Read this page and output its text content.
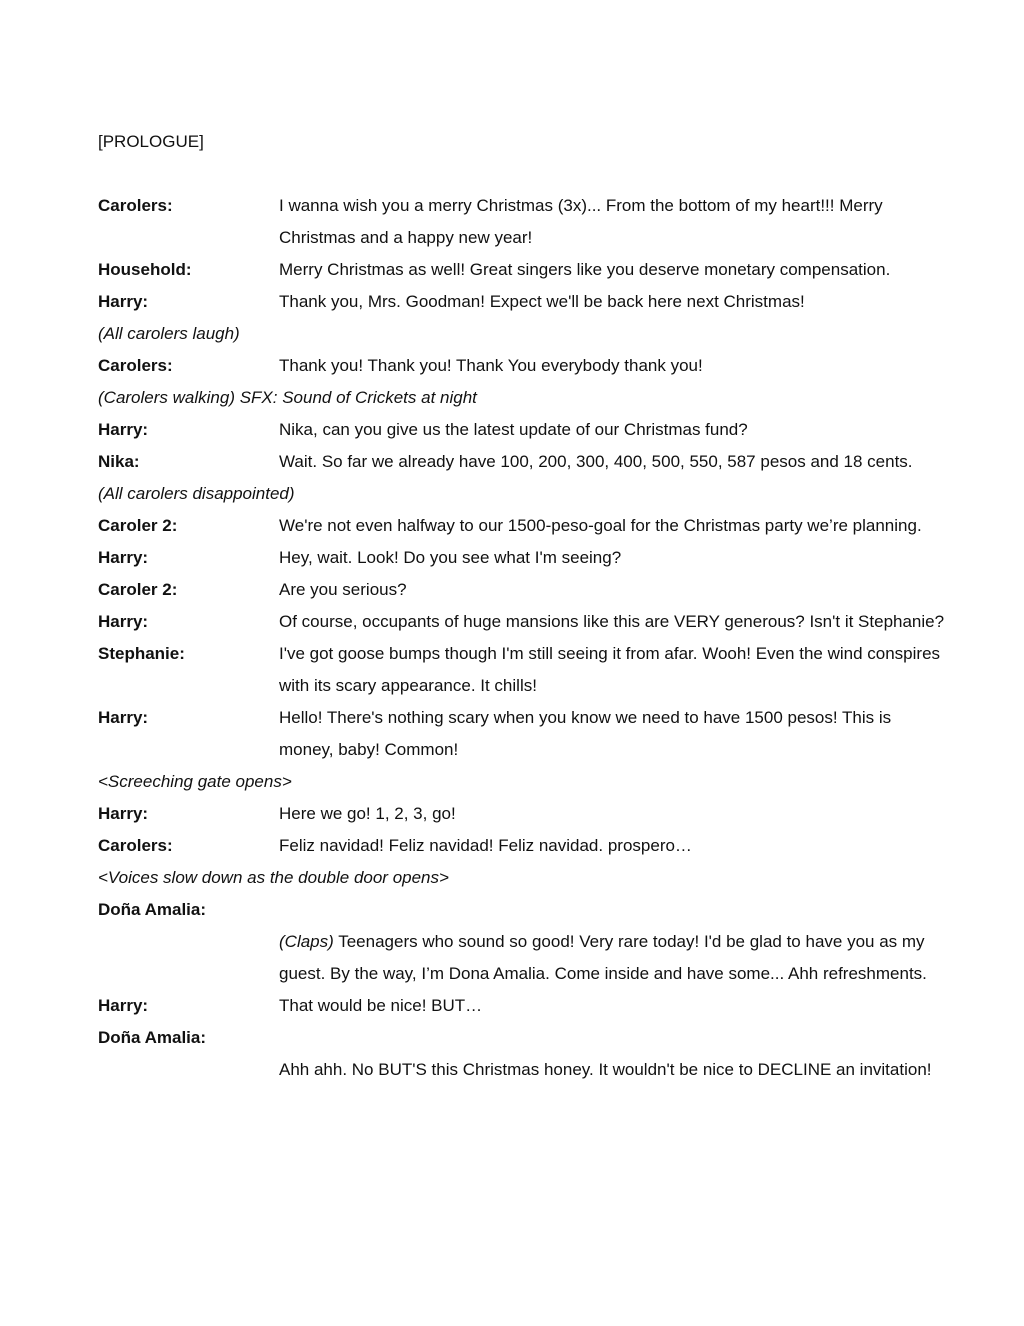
[PROLOGUE]
Carolers:	I wanna wish you a merry Christmas (3x)... From the bottom of my heart!!! Merry Christmas and a happy new year!
Household:	Merry Christmas as well! Great singers like you deserve monetary compensation.
Harry:	Thank you, Mrs. Goodman! Expect we'll be back here next Christmas!
(All carolers laugh)
Carolers:	Thank you! Thank you! Thank You everybody thank you!
(Carolers walking) SFX: Sound of Crickets at night
Harry:	Nika, can you give us the latest update of our Christmas fund?
Nika:	Wait. So far we already have 100, 200, 300, 400, 500, 550, 587 pesos and 18 cents.
(All carolers disappointed)
Caroler 2:	We're not even halfway to our 1500-peso-goal for the Christmas party we’re planning.
Harry:	Hey, wait. Look! Do you see what I'm seeing?
Caroler 2:	Are you serious?
Harry:	Of course, occupants of huge mansions like this are VERY generous? Isn't it Stephanie?
Stephanie:	I've got goose bumps though I'm still seeing it from afar. Wooh! Even the wind conspires with its scary appearance. It chills!
Harry:	Hello! There's nothing scary when you know we need to have 1500 pesos! This is money, baby! Common!
<Screeching gate opens>
Harry:	Here we go! 1, 2, 3, go!
Carolers:	Feliz navidad! Feliz navidad! Feliz navidad. prospero…
<Voices slow down as the double door opens>
Doña Amalia:
(Claps) Teenagers who sound so good! Very rare today! I'd be glad to have you as my guest. By the way, I’m Dona Amalia. Come inside and have some... Ahh refreshments.
Harry:	That would be nice! BUT…
Doña Amalia:
Ahh ahh. No BUT'S this Christmas honey. It wouldn't be nice to DECLINE an invitation!
